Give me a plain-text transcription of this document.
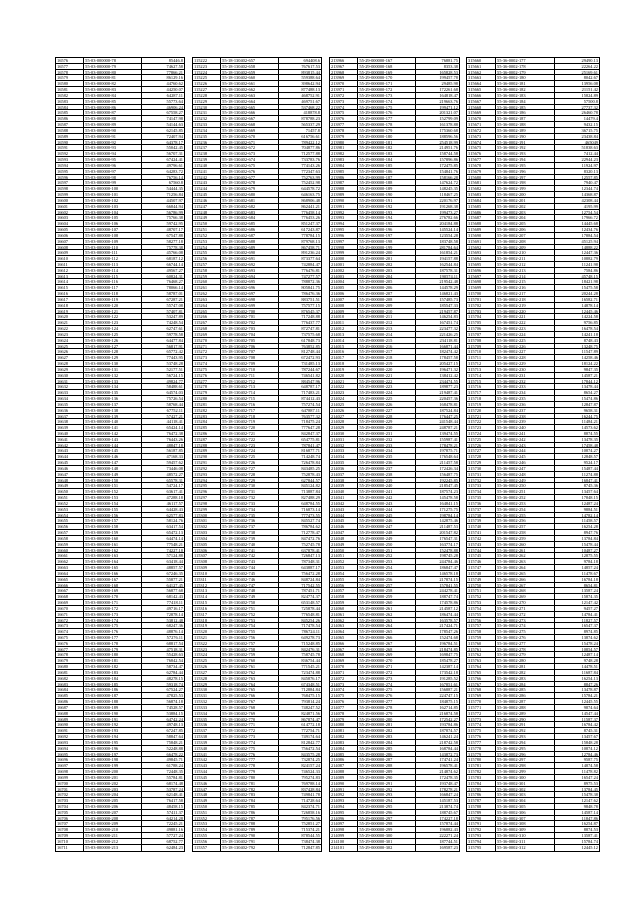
16576	55-03-000000-78	85446.8
16577	55-03-000000-79	74627.58
16578	55-03-000000-80	77866.21
16579	55-03-000000-81	86129.16
16580	55-03-000000-82	44760.62
16581	55-03-000000-83	44250.07
16582	55-03-000000-84	64287.11
16583	55-03-000000-85	55773.64
16584	55-03-000000-86	46906.24
16585	55-03-000000-87	67558.27
16586	55-03-000000-88	74147.98
16587	55-03-000000-89	54144.63
16588	55-03-000000-90	62145.85
16589	55-03-000000-91	72407.94
16590	55-03-000000-92	64378.17
16591	55-03-000000-93	55042.45
16592	55-03-000000-94	56707.31
16593	55-03-000000-95	67424.41
16594	55-03-000000-96	49796.61
16595	55-03-000000-97	64283.72
16596	55-03-000000-98	76756.14
16597	55-03-000000-99	67560.8
16598	55-03-000000-100	54444.35
16599	55-03-000000-101	71256.84
16600	55-03-000000-102	44507.97
16601	55-03-000000-103	66844.94
16602	55-03-000000-104	56786.99
16603	55-03-000000-105	75766.38
16604	55-03-000000-106	59742.95
16605	55-03-000000-107	48707.17
16606	55-03-000000-108	67547.88
16607	55-03-000000-109	58277.18
16608	55-03-000000-110	75778.38
16609	55-03-000000-111	45766.08
16610	55-03-000000-112	68187.12
16611	55-03-000000-113	66744.14
16612	55-03-000000-114	49567.27
16613	55-03-000000-115	60824.31
16614	55-03-000000-116	76468.27
16615	55-03-000000-117	78066.14
16616	55-03-000000-118	58787.01
16617	55-03-000000-119	67287.21
16618	55-03-000000-120	55747.08
16619	55-03-000000-121	57407.81
16620	55-03-000000-122	53247.89
16621	55-03-000000-123	74248.54
16622	55-03-000000-124	62747.61
16623	55-03-000000-125	59778.58
16624	55-03-000000-126	64477.84
16625	55-03-000000-127	56817.91
16626	55-03-000000-128	65772.42
16627	55-03-000000-129	77443.95
16628	55-03-000000-130	53748.28
16629	55-03-000000-131	52177.51
16630	55-03-000000-132	56724.15
16631	55-03-000000-133	49824.77
16632	55-03-000000-134	58488.61
16633	55-03-000000-135	64574.03
16634	55-03-000000-136	75726.54
16635	55-03-000000-137	58768.44
16636	55-03-000000-138	67752.11
16637	55-03-000000-139	57427.21
16638	55-03-000000-140	44118.41
16639	55-03-000000-141	65424.14
16640	55-03-000000-142	76472.38
16641	55-03-000000-143	76443.26
16642	55-03-000000-144	48847.18
16643	55-03-000000-145	56187.85
16644	55-03-000000-146	47168.33
16645	55-03-000000-147	59457.62
16646	55-03-000000-148	73446.08
16647	55-03-000000-149	48572.27
16648	55-03-000000-150	65578.31
16649	55-03-000000-151	54724.17
16650	55-03-000000-152	63617.41
16651	55-03-000000-153	47288.18
16652	55-03-000000-154	46117.57
16653	55-03-000000-155	64428.43
16654	55-03-000000-156	62577.83
16655	55-03-000000-157	58124.76
16656	55-03-000000-158	63417.54
16657	55-03-000000-159	65472.13
16658	55-03-000000-160	64474.14
16659	55-03-000000-161	77548.21
16660	55-03-000000-162	74227.18
16661	55-03-000000-163	57124.88
16662	55-03-000000-164	63418.44
16663	55-03-000000-165	48857.57
16664	55-03-000000-166	67246.35
16665	55-03-000000-167	55877.21
16666	55-03-000000-168	64127.45
16667	55-03-000000-169	56877.68
16668	55-03-000000-170	68142.43
16669	55-03-000000-171	77418.11
16670	55-03-000000-172	49716.17
16671	55-03-000000-173	72878.14
16672	55-03-000000-174	53812.48
16673	55-03-000000-175	68247.36
16674	55-03-000000-176	48876.14
16675	55-03-000000-177	57276.11
16676	55-03-000000-178	68817.54
16677	55-03-000000-179	47518.31
16678	55-03-000000-180	55428.63
16679	55-03-000000-181	76842.54
16680	55-03-000000-182	58734.47
16681	55-03-000000-183	62784.44
16682	55-03-000000-184	48278.15
16683	55-03-000000-185	59318.74
16684	55-03-000000-186	67524.27
16685	55-03-000000-187	47825.53
16686	55-03-000000-188	56874.18
16687	55-03-000000-189	74528.57
16688	55-03-000000-190	53884.15
16689	55-03-000000-191	64742.24
16690	55-03-000000-192	49748.13
16691	55-03-000000-193	67247.85
16692	55-03-000000-194	58847.64
16693	55-03-000000-195	75848.21
16694	55-03-000000-196	52248.88
16695	55-03-000000-197	66478.22
16696	55-03-000000-198	49845.71
16697	55-03-000000-199	61788.24
16698	55-03-000000-200	72448.35
16699	55-03-000000-201	55784.81
16700	55-03-000000-202	68174.48
16701	55-03-000000-203	53787.24
16702	55-03-000000-204	62148.41
16703	55-03-000000-205	76417.58
16704	55-03-000000-206	48458.15
16705	55-03-000000-207	57411.37
16706	55-03-000000-208	64214.28
16707	55-03-000000-209	72245.21
16708	55-03-000000-210	49881.16
16709	55-03-000000-211	57727.24
16710	55-03-000000-212	68752.77
16711	55-03-000000-213	62484.23
115222	55-18-130402-657	694408.6
115223	55-18-130402-658	767617.53
115224	55-18-130402-659	893815.44
115225	55-18-130402-660	559388.64
115226	55-18-130402-661	398642.94
115227	55-18-130402-662	877488.13
115228	55-18-130402-663	468752.91
115229	55-18-130402-664	469751.67
115230	55-18-130402-665	537468.22
115231	55-18-130402-666	418878.8
115232	55-18-130402-667	878788.23
115233	55-18-130402-668	565337.29
115234	55-18-130402-669	71457.8
115235	55-18-130402-670	616756.61
115236	55-18-130402-671	789422.12
115237	55-18-130402-672	704877.86
115238	55-18-130402-673	712577.88
115239	55-18-130402-674	733783.76
115240	55-18-130402-675	774143.26
115241	55-18-130402-676	772347.63
115242	55-18-130402-677	752763.99
115243	55-18-130402-678	752452.98
115244	55-18-130402-679	644578.72
115245	55-18-130402-680	646163.75
115246	55-18-130402-681	868906.48
115247	55-18-130402-682	862441.21
115248	55-18-130402-683	776458.14
115249	55-18-130402-684	776453.26
115250	55-18-130402-685	851247.37
115251	55-18-130402-686	617243.87
115252	55-18-130402-687	778784.15
115253	55-18-130402-688	879768.13
115254	55-18-130402-689	867458.71
115255	55-18-130402-690	891236.24
115256	55-18-130402-691	873377.64
115257	55-18-130402-692	742884.47
115258	55-18-130402-693	776476.81
115259	55-18-130402-694	747277.57
115260	55-18-130402-695	788872.36
115261	55-18-130402-696	805841.75
115262	55-18-130402-697	786476.36
115263	55-18-130402-698	883751.51
115264	55-18-130402-699	757577.15
115265	55-18-130402-700	876545.37
115266	55-18-130402-701	717248.88
115267	55-18-130402-702	776437.77
115268	55-18-130402-703	872747.81
115269	55-18-130402-704	737575.68
115270	55-18-130402-705	617848.73
115271	55-18-130402-706	763852.85
115272	55-18-130402-707	812748.44
115273	55-18-130402-708	672472.93
115274	55-18-130402-709	731485.13
115275	55-18-130402-710	787244.67
115276	55-18-130402-711	746541.82
115277	55-18-130402-712	884547.96
115278	55-18-130402-713	648787.17
115279	55-18-130402-714	717483.21
115280	55-18-130402-715	874412.43
115281	55-18-130402-716	757274.54
115282	55-18-130402-717	647887.11
115283	55-18-130402-718	763577.32
115284	55-18-130402-719	718475.24
115285	55-18-130402-720	777647.28
115286	55-18-130402-721	842847.37
115287	55-18-130402-722	654775.81
115288	55-18-130402-723	787841.47
115289	55-18-130402-724	816877.71
115290	55-18-130402-725	714248.74
115291	55-18-130402-726	726478.84
115292	55-18-130402-727	843485.25
115293	55-18-130402-728	752878.43
115294	55-18-130402-729	627844.57
115295	55-18-130402-730	845124.82
115296	55-18-130402-731	713887.84
115297	55-18-130402-732	827488.29
115298	55-18-130402-733	648784.55
115299	55-18-130402-734	716873.14
115300	55-18-130402-735	777473.55
115301	55-18-130402-736	845527.74
115302	55-18-130402-737	786784.62
115303	55-18-130402-738	712778.47
115304	55-18-130402-739	847472.76
115305	55-18-130402-740	752745.78
115306	55-18-130402-741	637878.41
115307	55-18-130402-742	726847.13
115308	55-18-130402-743	787348.31
115309	55-18-130402-744	643887.17
115310	55-18-130402-745	756472.28
115311	55-18-130402-746	848724.84
115312	55-18-130402-747	717542.55
115313	55-18-130402-748	787451.71
115314	55-18-130402-749	824774.37
115315	55-18-130402-750	653148.57
115316	55-18-130402-751	725878.44
115317	55-18-130402-752	776548.81
115318	55-18-130402-753	845254.26
115319	55-18-130402-754	717478.54
115320	55-18-130402-755	786724.11
115321	55-18-130402-756	649278.73
115322	55-18-130402-757	715248.85
115323	55-18-130402-758	842476.31
115324	55-18-130402-759	758745.78
115325	55-18-130402-760	836754.44
115326	55-18-130402-761	771545.21
115327	55-18-130402-762	723474.88
115328	55-18-130402-763	845876.17
115329	55-18-130402-764	674348.51
115330	55-18-130402-765	712884.84
115331	55-18-130402-766	768475.15
115332	55-18-130402-767	793814.24
115333	55-18-130402-768	748247.52
115334	55-18-130402-769	824871.56
115335	55-18-130402-770	867874.47
115336	55-18-130402-771	614772.18
115337	55-18-130402-772	772754.71
115338	55-18-130402-773	749174.64
115339	55-18-130402-774	812842.77
115340	55-18-130402-775	756472.54
115341	55-18-130402-776	843575.28
115342	55-18-130402-777	732874.25
115343	55-18-130402-778	824157.24
115344	55-18-130402-779	746524.33
115345	55-18-130402-780	795274.83
115346	55-18-130402-781	769788.14
115347	55-18-130402-782	837428.84
115348	55-18-130402-783	749841.78
115349	55-18-130402-784	714728.64
115350	55-18-130402-785	842374.71
115351	55-18-130402-786	726858.16
115352	55-18-130402-787	795176.56
115353	55-18-130402-788	752851.27
115354	55-18-130402-789	715374.21
115355	55-18-130402-790	878544.55
115356	55-18-130402-791	738474.38
115357	55-18-130402-792	712847.85
213966	55-29-000000-167	76881.75
213967	55-29-000000-168	8353.38
213968	55-29-000000-169	165828.53
213969	55-29-000000-170	199457.78
213970	55-29-000000-171	29485.98
213971	55-29-000000-172	172261.68
213972	55-29-000000-173	164818.47
213973	55-29-000000-174	219663.76
213974	55-29-000000-175	199471.12
213975	55-29-000000-176	201321.07
213976	55-29-000000-177	152799.09
213977	55-29-000000-178	161378.88
213978	55-29-000000-179	175360.68
213979	55-29-000000-180	188596.56
213980	55-29-000000-181	254518.99
213981	55-29-000000-182	214951.76
213982	55-29-000000-183	158744.58
213983	55-29-000000-184	157896.86
213984	55-29-000000-185	172475.85
213985	55-29-000000-186	154841.76
213986	55-29-000000-187	158166.28
213987	55-29-000000-188	147624.72
213988	55-29-000000-189	148245.35
213989	55-29-000000-190	118467.25
213990	55-29-000000-191	220176.97
213991	55-29-000000-192	191268.38
213992	55-29-000000-193	199473.27
213993	55-29-000000-194	276782.66
213994	55-29-000000-195	204184.88
213995	55-29-000000-196	145524.14
213996	55-29-000000-197	123554.28
213997	55-29-000000-198	183748.58
213998	55-29-000000-199	281784.64
213999	55-29-000000-200	161854.21
214000	55-29-000000-201	194157.88
214001	55-29-000000-202	162544.84
214002	55-29-000000-203	187578.31
214003	55-29-000000-204	190574.11
214004	55-29-000000-205	219542.48
214005	55-29-000000-206	144578.29
214006	55-29-000000-207	146821.43
214007	55-29-000000-208	157485.73
214008	55-29-000000-209	185547.33
214009	55-29-000000-210	219457.87
214010	55-29-000000-211	146254.83
214011	55-29-000000-212	167451.74
214012	55-29-000000-213	223477.32
214013	55-29-000000-214	221426.25
214014	55-29-000000-215	234118.81
214015	55-29-000000-216	166871.44
214016	55-29-000000-217	182474.42
214017	55-29-000000-218	178457.58
214018	55-29-000000-219	205427.15
214019	55-29-000000-220	196471.32
214020	55-29-000000-221	138412.42
214021	55-29-000000-222	234474.55
214022	55-29-000000-223	189877.23
214023	55-29-000000-224	219487.41
214024	55-29-000000-225	220457.36
214025	55-29-000000-226	168478.81
214026	55-29-000000-227	187524.84
214027	55-29-000000-228	176447.25
214028	55-29-000000-229	241548.44
214029	55-29-000000-230	248787.21
214030	55-29-000000-231	139474.55
214031	55-29-000000-232	155987.41
214032	55-29-000000-233	178478.21
214033	55-29-000000-234	197875.71
214034	55-29-000000-235	176548.64
214035	55-29-000000-236	211457.58
214036	55-29-000000-237	172426.34
214037	55-29-000000-238	156487.75
214038	55-29-000000-239	192245.85
214039	55-29-000000-240	218547.45
214040	55-29-000000-241	187574.23
214041	55-29-000000-242	145478.58
214042	55-29-000000-243	164841.15
214043	55-29-000000-244	171275.75
214044	55-29-000000-245	198784.14
214045	55-29-000000-246	142875.46
214046	55-29-000000-247	211487.53
214047	55-29-000000-248	201547.82
214048	55-29-000000-249	176547.31
214049	55-29-000000-250	163774.17
214050	55-29-000000-251	152478.88
214051	55-29-000000-252	198745.28
214052	55-29-000000-253	244784.46
214053	55-29-000000-254	186847.47
214054	55-29-000000-255	146578.18
214055	55-29-000000-256	217874.15
214056	55-29-000000-257	157841.55
214057	55-29-000000-258	244278.41
214058	55-29-000000-259	188747.74
214059	55-29-000000-260	174578.86
214060	55-29-000000-261	214587.12
214061	55-29-000000-262	186474.44
214062	55-29-000000-263	163578.57
214063	55-29-000000-264	217424.71
214064	55-29-000000-265	178547.26
214065	55-29-000000-266	152474.68
214066	55-29-000000-267	196784.51
214067	55-29-000000-268	218474.85
214068	55-29-000000-269	169847.75
214069	55-29-000000-270	185478.27
214070	55-29-000000-271	142387.14
214071	55-29-000000-272	173542.18
214072	55-29-000000-273	191285.52
214073	55-29-000000-274	167851.61
214074	55-29-000000-275	156887.21
214075	55-29-000000-276	224747.15
214076	55-29-000000-277	184875.15
214077	55-29-000000-278	162714.85
214078	55-29-000000-279	216874.58
214079	55-29-000000-280	172542.27
214080	55-29-000000-281	193784.86
214081	55-29-000000-282	187874.57
214082	55-29-000000-283	146241.24
214083	55-29-000000-284	218742.58
214084	55-29-000000-285	168784.44
214085	55-29-000000-286	143872.73
214086	55-29-000000-287	174741.24
214087	55-29-000000-288	196578.41
214088	55-29-000000-289	214874.62
214089	55-29-000000-290	172478.35
214090	55-29-000000-291	193748.47
214091	55-29-000000-292	178278.21
214092	55-29-000000-293	166847.24
214093	55-29-000000-294	145187.53
214094	55-29-000000-295	213874.74
214095	55-29-000000-296	188745.67
214096	55-29-000000-297	174227.18
214097	55-29-000000-298	157874.44
214098	55-29-000000-299	196882.43
214099	55-29-000000-300	222271.24
214100	55-29-000000-301	187744.51
214101	55-29-000000-302	169587.23
315660	55-36-0002-177	29490.13
315661	55-36-0002-178	22264.22
315662	55-36-0002-179	25169.61
315663	55-36-0002-180	8042.67
315664	55-36-0002-181	13956.08
315665	55-36-0002-182	21151.42
315666	55-36-0002-183	15824.89
315667	55-36-0002-184	57500.8
315668	55-36-0002-185	27737.32
315669	55-36-0002-186	26460.78
315670	55-36-0002-187	14479.4
315671	55-36-0002-188	9432.15
315672	55-36-0002-189	36715.75
315673	55-36-0002-190	23438.84
315674	55-36-0002-191	465049
315675	55-36-0002-192	51838.63
315676	55-36-0002-193	7412.44
315677	55-36-0002-194	22944.23
315678	55-36-0002-195	11924.97
315679	55-36-0002-196	8320.13
315680	55-36-0002-197	12557.85
315681	55-36-0002-198	7940.47
315682	55-36-0002-199	12344.74
315683	55-36-0002-200	14368.87
315684	55-36-0002-201	42308.44
315685	55-36-0002-202	4195.99
315686	55-36-0002-203	12754.54
315687	55-36-0002-204	17966.72
315688	55-36-0002-205	14445.68
315689	55-36-0002-206	12434.76
315690	55-36-0002-207	17884.54
315691	55-36-0002-208	45125.94
315692	55-36-0002-209	14888.22
315693	55-36-0002-210	12447.36
315694	55-36-0002-211	10882.79
315695	55-36-0002-212	11241.98
315696	55-36-0002-213	7584.86
315697	55-36-0002-214	45748.15
315698	55-36-0002-215	18421.98
315699	55-36-0002-216	15475.58
315700	55-36-0002-217	20244.28
315701	55-36-0002-218	16582.71
315702	55-36-0002-219	14878.14
315703	55-36-0002-220	12445.46
315704	55-36-0002-221	14224.58
315705	55-36-0002-222	9756.85
315706	55-36-0002-223	16478.54
315707	55-36-0002-224	14241.18
315708	55-36-0002-225	8748.43
315709	55-36-0002-226	13248.75
315710	55-36-0002-227	11547.89
315711	55-36-0002-228	14258.46
315712	55-36-0002-229	18124.22
315713	55-36-0002-230	9847.35
315714	55-36-0002-231	14587.21
315715	55-36-0002-232	17844.12
315716	55-36-0002-233	13478.44
315717	55-36-0002-234	8654.27
315718	55-36-0002-235	15474.86
315719	55-36-0002-236	12847.87
315720	55-36-0002-237	9658.31
315721	55-36-0002-238	16244.75
315722	55-36-0002-239	11484.21
315723	55-36-0002-240	14573.62
315724	55-36-0002-241	8874.55
315725	55-36-0002-242	13478.35
315726	55-36-0002-243	17458.48
315727	55-36-0002-244	10874.27
315728	55-36-0002-245	12848.57
315729	55-36-0002-246	9524.17
315730	55-36-0002-247	15487.44
315731	55-36-0002-248	11274.88
315732	55-36-0002-249	16847.41
315733	55-36-0002-250	8745.36
315734	55-36-0002-251	13457.64
315735	55-36-0002-252	17848.15
315736	55-36-0002-253	12487.24
315737	55-36-0002-254	9884.51
315738	55-36-0002-255	14782.14
315739	55-36-0002-256	11458.57
315740	55-36-0002-257	16254.28
315741	55-36-0002-258	8947.76
315742	55-36-0002-259	13784.84
315743	55-36-0002-260	15478.44
315744	55-36-0002-261	10487.27
315745	55-36-0002-262	12875.55
315746	55-36-0002-263	9784.18
315747	55-36-0002-264	14857.24
315748	55-36-0002-265	11478.67
315749	55-36-0002-266	16784.18
315750	55-36-0002-267	8654.81
315751	55-36-0002-268	13587.24
315752	55-36-0002-269	15874.35
315753	55-36-0002-270	12147.42
315754	55-36-0002-271	9457.27
315755	55-36-0002-272	14784.41
315756	55-36-0002-273	11827.57
315757	55-36-0002-274	16547.37
315758	55-36-0002-275	8974.85
315759	55-36-0002-276	13874.62
315760	55-36-0002-277	15478.24
315761	55-36-0002-278	10854.57
315762	55-36-0002-279	12487.14
315763	55-36-0002-280	9748.28
315764	55-36-0002-281	14478.51
315765	55-36-0002-282	11687.84
315766	55-36-0002-283	16254.13
315767	55-36-0002-284	8847.26
315768	55-36-0002-285	13478.87
315769	55-36-0002-286	15784.21
315770	55-36-0002-287	12445.55
315771	55-36-0002-288	9874.64
315772	55-36-0002-289	14547.44
315773	55-36-0002-290	11587.37
315774	55-36-0002-291	16784.42
315775	55-36-0002-292	8745.31
315776	55-36-0002-293	13457.67
315777	55-36-0002-294	15848.28
315778	55-36-0002-295	10874.12
315779	55-36-0002-296	12784.46
315780	55-36-0002-297	9587.75
315781	55-36-0002-298	14874.58
315782	55-36-0002-299	11478.82
315783	55-36-0002-300	16547.24
315784	55-36-0002-301	8975.53
315785	55-36-0002-302	13784.45
315786	55-36-0002-303	15478.38
315787	55-36-0002-304	12147.62
315788	55-36-0002-305	9848.78
315789	55-36-0002-306	14587.14
315790	55-36-0002-307	11847.86
315791	55-36-0002-308	16254.87
315792	55-36-0002-309	8874.53
315793	55-36-0002-310	13587.41
315794	55-36-0002-311	15784.74
315795	55-36-0002-312	12445.12
